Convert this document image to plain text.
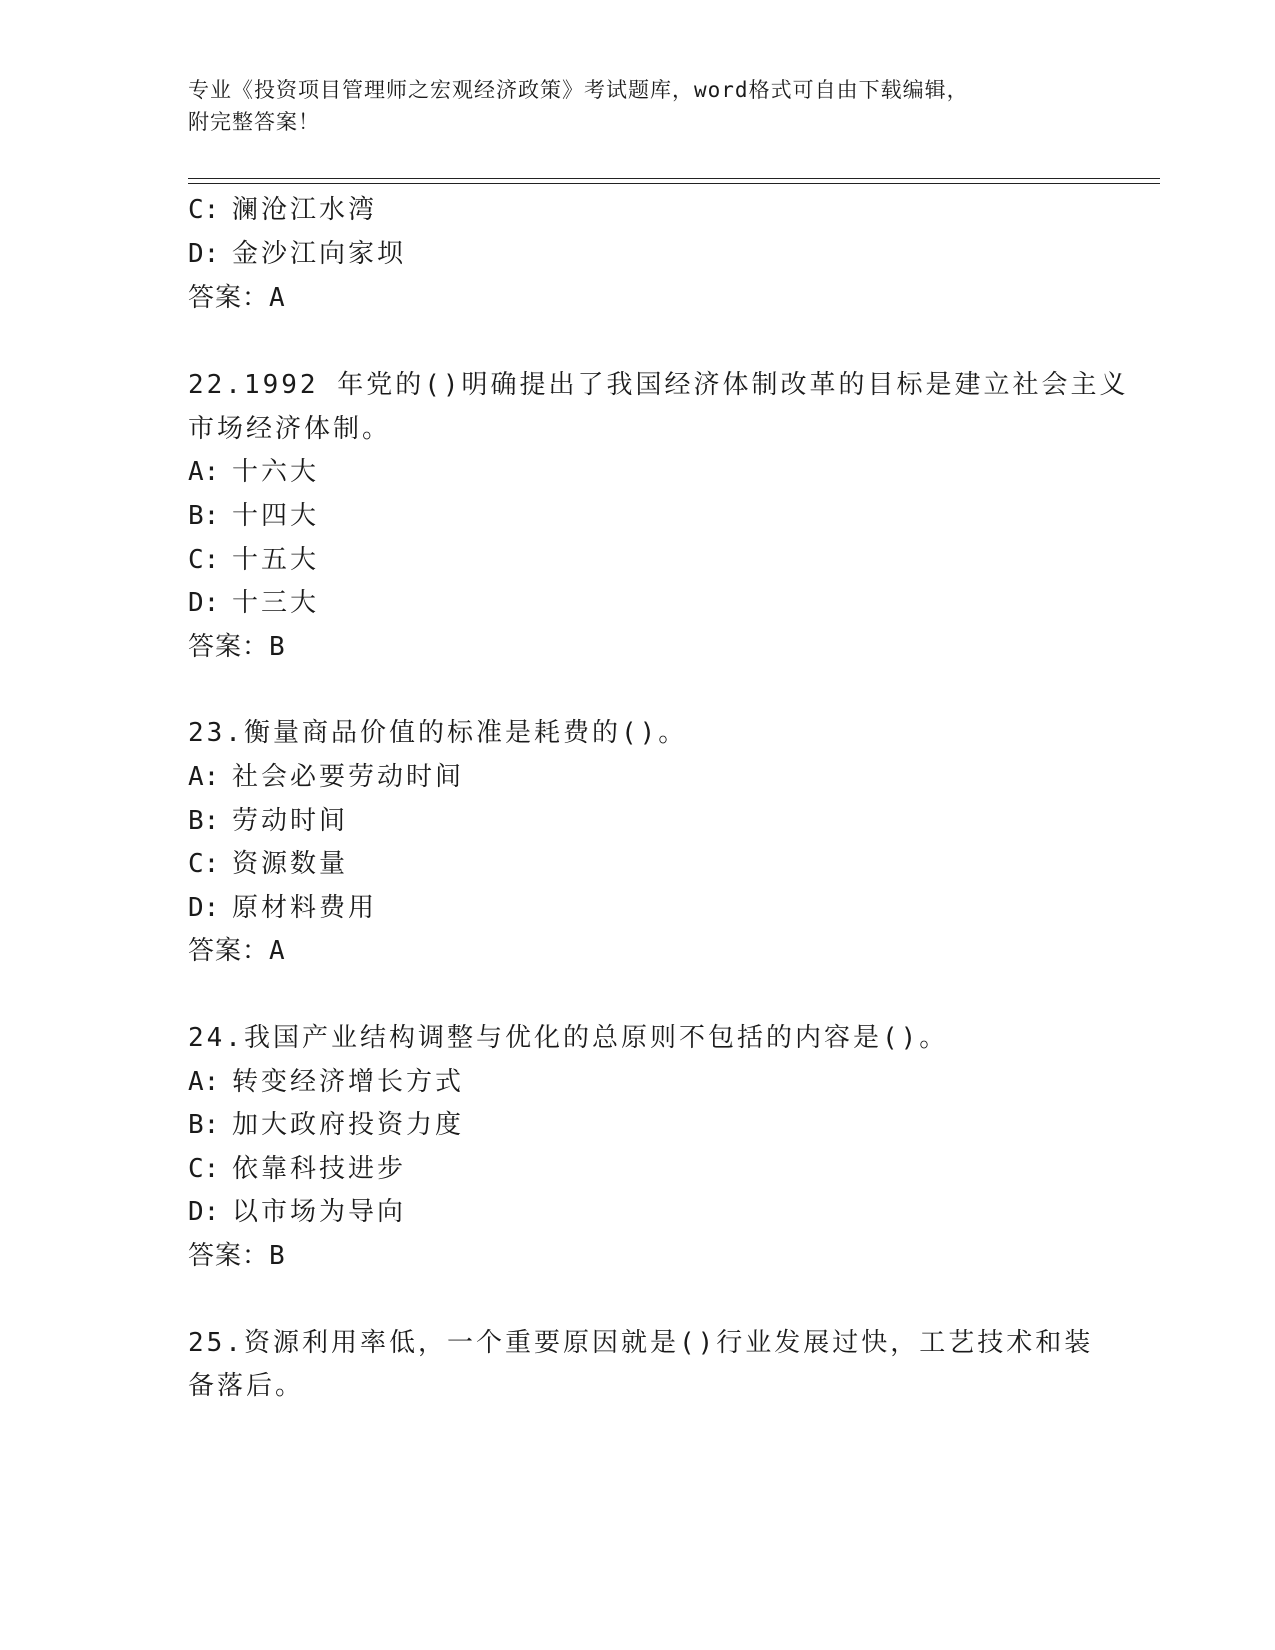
专业《投资项目管理师之宏观经济政策》考试题库，word格式可自由下载编辑，
附完整答案！
C: 澜沧江水湾
D: 金沙江向家坝
答案：A
22.1992 年党的()明确提出了我国经济体制改革的目标是建立社会主义
市场经济体制。
A: 十六大
B: 十四大
C: 十五大
D: 十三大
答案：B
23.衡量商品价值的标准是耗费的()。
A: 社会必要劳动时间
B: 劳动时间
C: 资源数量
D: 原材料费用
答案：A
24.我国产业结构调整与优化的总原则不包括的内容是()。
A: 转变经济增长方式
B: 加大政府投资力度
C: 依靠科技进步
D: 以市场为导向
答案：B
25.资源利用率低，一个重要原因就是()行业发展过快，工艺技术和装
备落后。
